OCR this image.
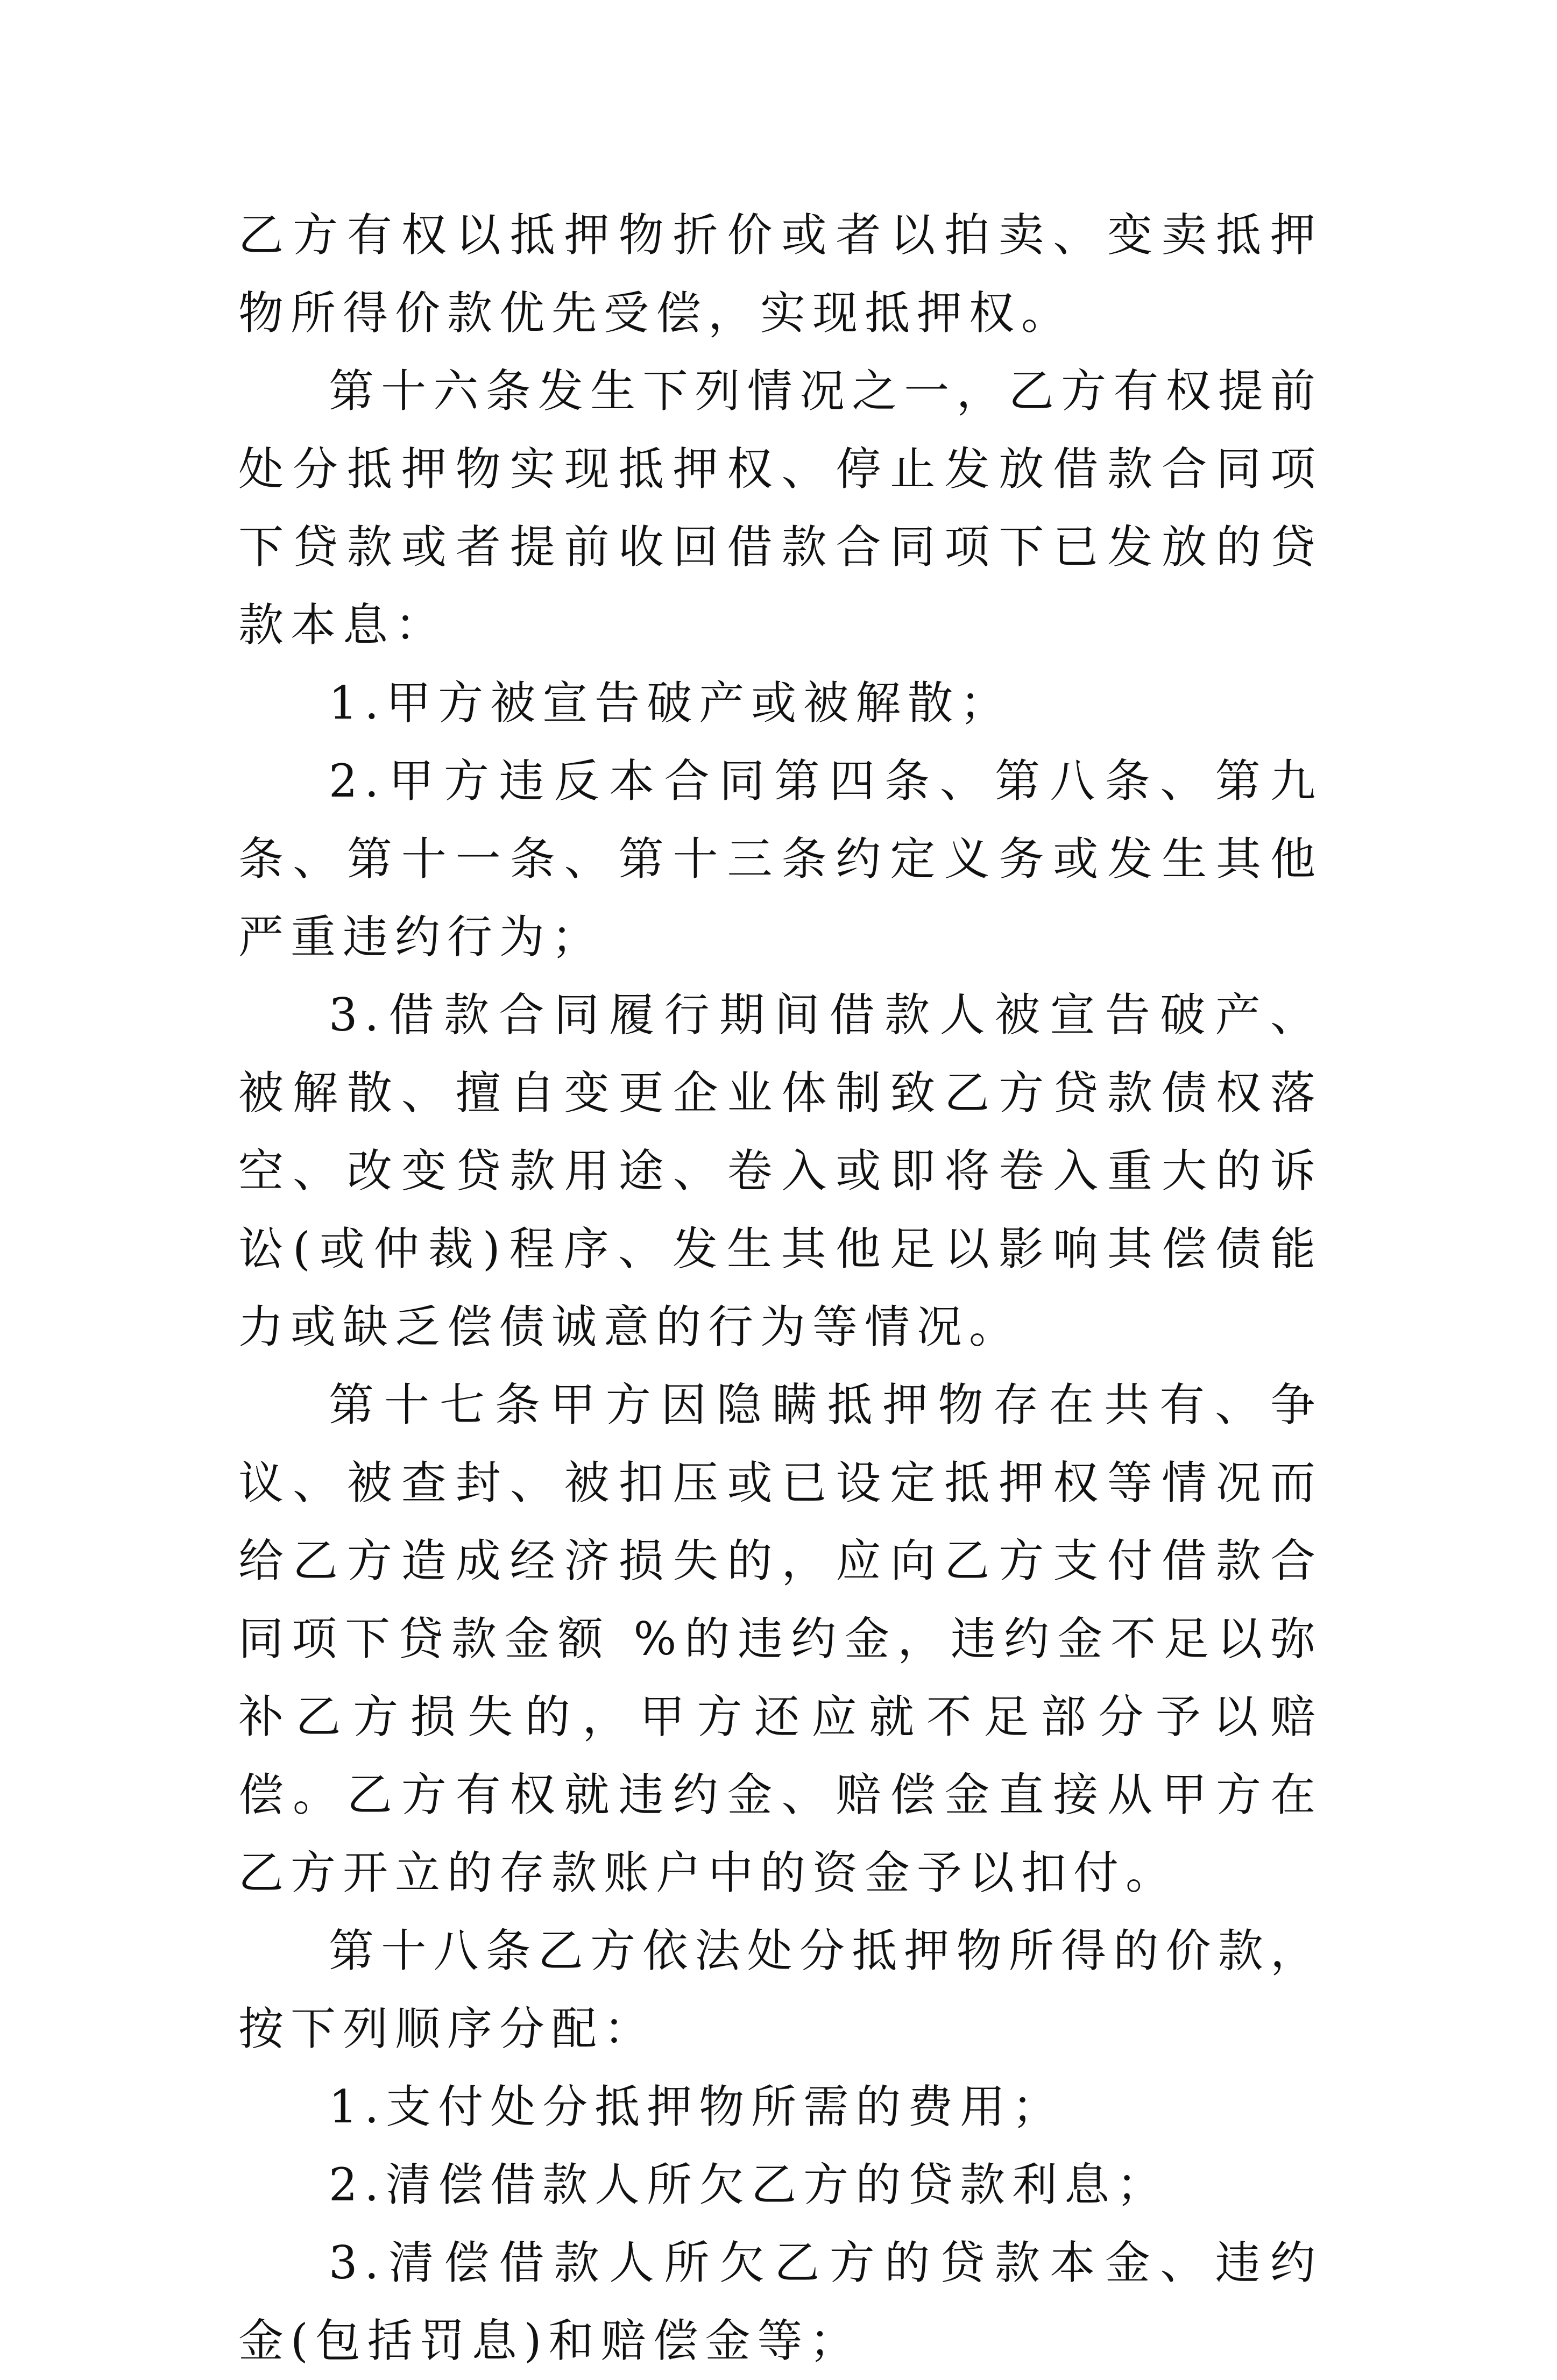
乙方有权以抵押物折价或者以拍卖、变卖抵押物所得价款优先受偿，实现抵押权。

第十六条发生下列情况之一，乙方有权提前处分抵押物实现抵押权、停止发放借款合同项下贷款或者提前收回借款合同项下已发放的贷款本息：

1.甲方被宣告破产或被解散；

2.甲方违反本合同第四条、第八条、第九条、第十一条、第十三条约定义务或发生其他严重违约行为；

3.借款合同履行期间借款人被宣告破产、被解散、擅自变更企业体制致乙方贷款债权落空、改变贷款用途、卷入或即将卷入重大的诉讼(或仲裁)程序、发生其他足以影响其偿债能力或缺乏偿债诚意的行为等情况。

第十七条甲方因隐瞒抵押物存在共有、争议、被查封、被扣压或已设定抵押权等情况而给乙方造成经济损失的，应向乙方支付借款合同项下贷款金额 %的违约金，违约金不足以弥补乙方损失的，甲方还应就不足部分予以赔偿。乙方有权就违约金、赔偿金直接从甲方在乙方开立的存款账户中的资金予以扣付。

第十八条乙方依法处分抵押物所得的价款，按下列顺序分配：

1.支付处分抵押物所需的费用；

2.清偿借款人所欠乙方的贷款利息；

3.清偿借款人所欠乙方的贷款本金、违约金(包括罚息)和赔偿金等；
